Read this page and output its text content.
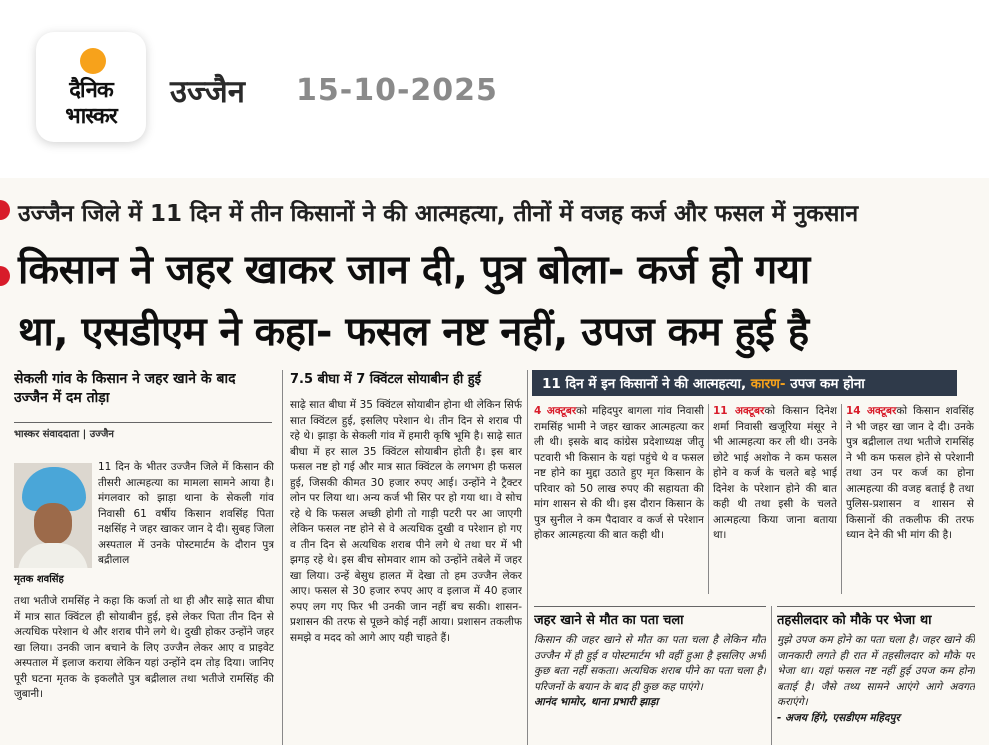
दैनिक
भास्कर
उज्जैन 15-10-2025
उज्जैन जिले में 11 दिन में तीन किसानों ने की आत्महत्या, तीनों में वजह कर्ज और फसल में नुकसान
किसान ने जहर खाकर जान दी, पुत्र बोला- कर्ज हो गया
था, एसडीएम ने कहा- फसल नष्ट नहीं, उपज कम हुई है
सेकली गांव के किसान ने जहर खाने के बाद उज्जैन में दम तोड़ा
भास्कर संवाददाता | उज्जैन
11 दिन के भीतर उज्जैन जिले में किसान की तीसरी आत्महत्या का मामला सामने आया है। मंगलवार को झाड़ा थाना के सेकली गांव निवासी 61 वर्षीय किसान शवसिंह पिता नक्षसिंह ने जहर खाकर जान दे दी। सुबह जिला अस्पताल में उनके पोस्टमार्टम के दौरान पुत्र बद्रीलाल
मृतक शवसिंह
तथा भतीजे रामसिंह ने कहा कि कर्जा तो था ही और साढ़े सात बीघा में मात्र सात क्विंटल ही सोयाबीन हुई, इसे लेकर पिता तीन दिन से अत्यधिक परेशान थे और शराब पीने लगे थे। दुखी होकर उन्होंने जहर खा लिया। उनकी जान बचाने के लिए उज्जैन लेकर आए व प्राइवेट अस्पताल में इलाज कराया लेकिन यहां उन्होंने दम तोड़ दिया। जानिए पूरी घटना मृतक के इकलौते पुत्र बद्रीलाल तथा भतीजे रामसिंह की जुबानी।
7.5 बीघा में 7 क्विंटल सोयाबीन ही हुई
साढ़े सात बीघा में 35 क्विंटल सोयाबीन होना थी लेकिन सिर्फ सात क्विंटल हुई, इसलिए परेशान थे। तीन दिन से शराब पी रहे थे। झाड़ा के सेकली गांव में हमारी कृषि भूमि है। साढ़े सात बीघा में हर साल 35 क्विंटल सोयाबीन होती है। इस बार फसल नष्ट हो गई और मात्र सात क्विंटल के लगभग ही फसल हुई, जिसकी कीमत 30 हजार रुपए आई। उन्होंने ने ट्रैक्टर लोन पर लिया था। अन्य कर्ज भी सिर पर हो गया था। वे सोच रहे थे कि फसल अच्छी होगी तो गाड़ी पटरी पर आ जाएगी लेकिन फसल नष्ट होने से वे अत्यधिक दुखी व परेशान हो गए व तीन दिन से अत्यधिक शराब पीने लगे थे तथा घर में भी झगड़ रहे थे। इस बीच सोमवार शाम को उन्होंने तबेले में जहर खा लिया। उन्हें बेसुध हालत में देखा तो हम उज्जैन लेकर आए। फसल से 30 हजार रुपए आए व इलाज में 40 हजार रुपए लग गए फिर भी उनकी जान नहीं बच सकी। शासन-प्रशासन की तरफ से पूछने कोई नहीं आया। प्रशासन तकलीफ समझे व मदद को आगे आए यही चाहते हैं।
11 दिन में इन किसानों ने की आत्महत्या, कारण- उपज कम होना
4 अक्टूबरको महिदपुर बागला गांव निवासी रामसिंह भामी ने जहर खाकर आत्महत्या कर ली थी। इसके बाद कांग्रेस प्रदेशाध्यक्ष जीतू पटवारी भी किसान के यहां पहुंचे थे व फसल नष्ट होने का मुद्दा उठाते हुए मृत किसान के परिवार को 50 लाख रुपए की सहायता की मांग शासन से की थी। इस दौरान किसान के पुत्र सुनील ने कम पैदावार व कर्ज से परेशान होकर आत्महत्या की बात कही थी।
11 अक्टूबरको किसान दिनेश शर्मा निवासी खजूरिया मंसूर ने भी आत्महत्या कर ली थी। उनके छोटे भाई अशोक ने कम फसल होने व कर्ज के चलते बड़े भाई दिनेश के परेशान होने की बात कही थी तथा इसी के चलते आत्महत्या किया जाना बताया था।
14 अक्टूबरको किसान शवसिंह ने भी जहर खा जान दे दी। उनके पुत्र बद्रीलाल तथा भतीजे रामसिंह ने भी कम फसल होने से परेशानी तथा उन पर कर्ज का होना आत्महत्या की वजह बताई है तथा पुलिस-प्रशासन व शासन से किसानों की तकलीफ की तरफ ध्यान देने की भी मांग की है।
जहर खाने से मौत का पता चला
किसान की जहर खाने से मौत का पता चला है लेकिन मौत उज्जैन में ही हुई व पोस्टमार्टम भी वहीं हुआ है इसलिए अभी कुछ बता नहीं सकता। अत्यधिक शराब पीने का पता चला है। परिजनों के बयान के बाद ही कुछ कह पाएंगे।
आनंद भामोर, थाना प्रभारी झाड़ा
तहसीलदार को मौके पर भेजा था
मुझे उपज कम होने का पता चला है। जहर खाने की जानकारी लगते ही रात में तहसीलदार को मौके पर भेजा था। यहां फसल नष्ट नहीं हुई उपज कम होना बताई है। जैसे तथ्य सामने आएंगे आगे अवगत कराएंगे।
- अजय हिंगे, एसडीएम महिदपुर
